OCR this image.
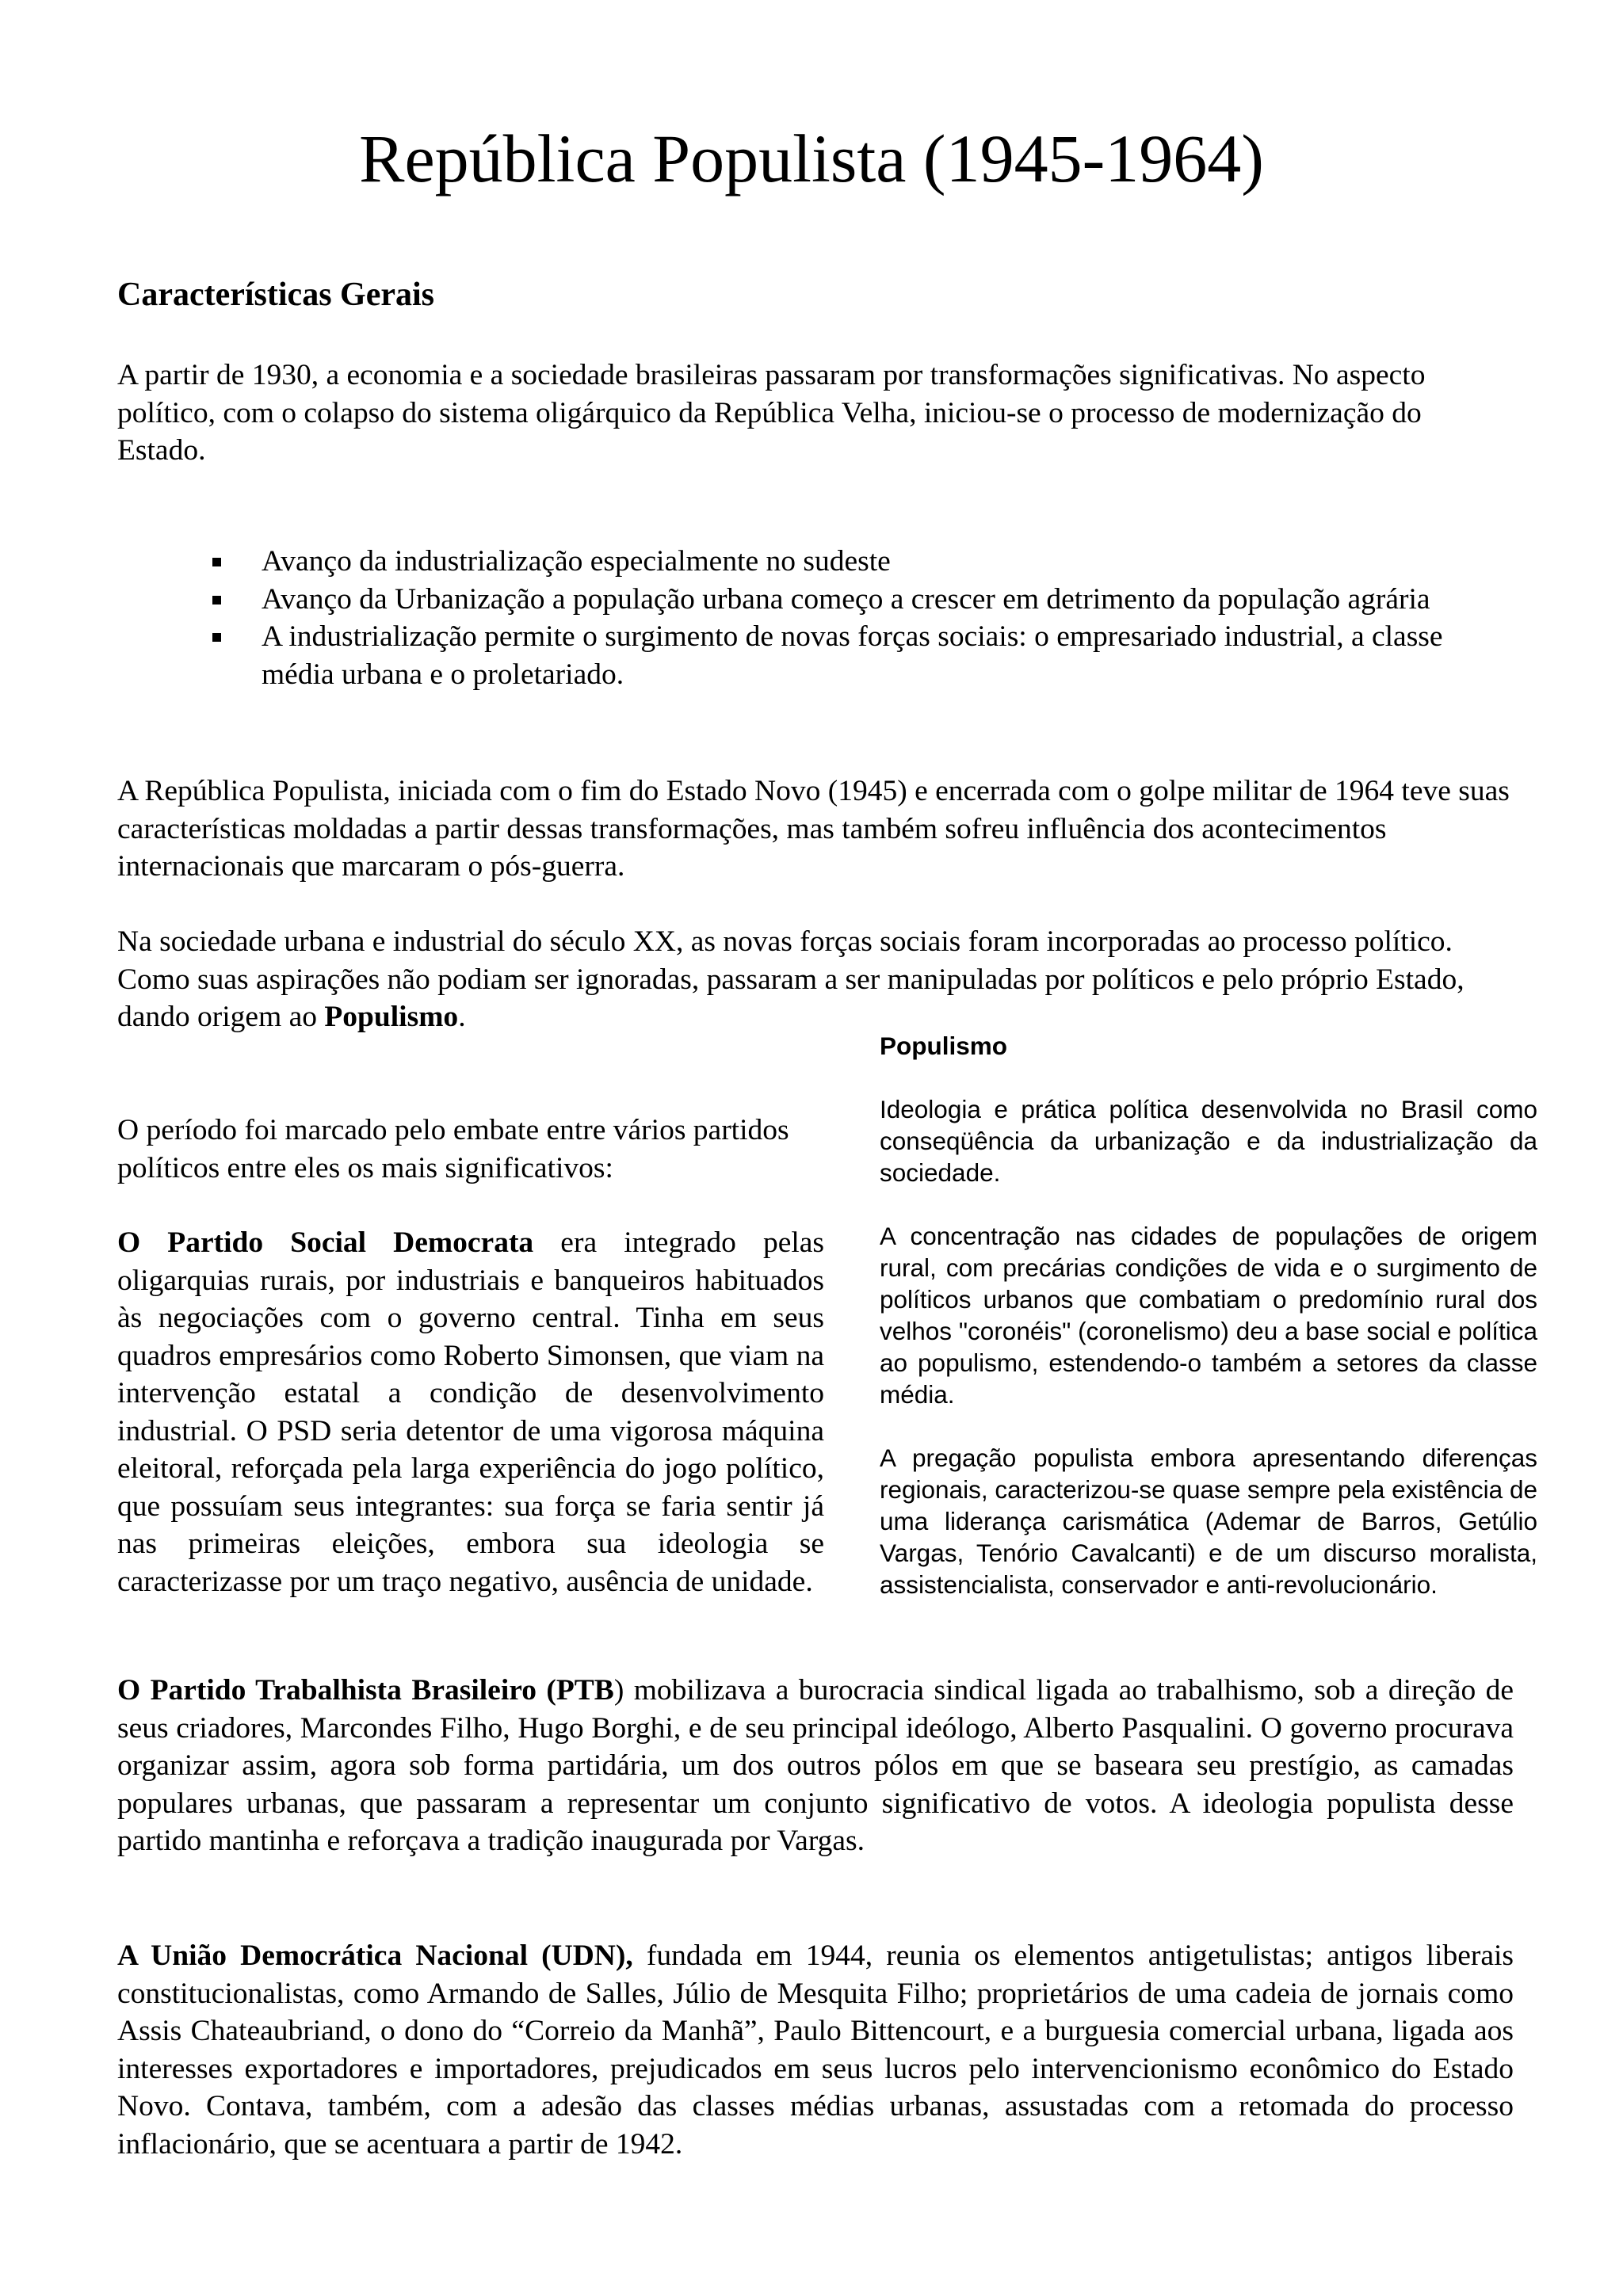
República Populista (1945-1964)
Características Gerais

A partir de 1930, a economia e a sociedade brasileiras passaram por transformações significativas. No aspecto político, com o colapso do sistema oligárquico da República Velha, iniciou-se o processo de modernização do Estado.

Avanço da industrialização especialmente no sudeste
Avanço da Urbanização a população urbana começo a crescer em detrimento da população agrária
A industrialização permite o surgimento de novas forças sociais: o empresariado industrial, a classe média urbana e o proletariado.

A República Populista, iniciada com o fim do Estado Novo (1945) e encerrada com o golpe militar de 1964 teve suas características moldadas a partir dessas transformações, mas também sofreu influência dos acontecimentos internacionais que marcaram o pós-guerra.

Na sociedade urbana e industrial do século XX, as novas forças sociais foram incorporadas ao processo político. Como suas aspirações não podiam ser ignoradas, passaram a ser manipuladas por políticos e pelo próprio Estado, dando origem ao Populismo.

O período foi marcado pelo embate entre vários partidos políticos entre eles os mais significativos:

O Partido Social Democrata era integrado pelas oligarquias rurais, por industriais e banqueiros habituados às negociações com o governo central. Tinha em seus quadros empresários como Roberto Simonsen, que viam na intervenção estatal a condição de desenvolvimento industrial. O PSD seria detentor de uma vigorosa máquina eleitoral, reforçada pela larga experiência do jogo político, que possuíam seus integrantes: sua força se faria sentir já nas primeiras eleições, embora sua ideologia se caracterizasse por um traço negativo, ausência de unidade.

Populismo

Ideologia e prática política desenvolvida no Brasil como conseqüência da urbanização e da industrialização da sociedade.

A concentração nas cidades de populações de origem rural, com precárias condições de vida e o surgimento de políticos urbanos que combatiam o predomínio rural dos velhos "coronéis" (coronelismo) deu a base social e política ao populismo, estendendo-o também a setores da classe média.

A pregação populista embora apresentando diferenças regionais, caracterizou-se quase sempre pela existência de uma liderança carismática (Ademar de Barros, Getúlio Vargas, Tenório Cavalcanti) e de um discurso moralista, assistencialista, conservador e anti-revolucionário.

O Partido Trabalhista Brasileiro (PTB) mobilizava a burocracia sindical ligada ao trabalhismo, sob a direção de seus criadores, Marcondes Filho, Hugo Borghi, e de seu principal ideólogo, Alberto Pasqualini. O governo procurava organizar assim, agora sob forma partidária, um dos outros pólos em que se baseara seu prestígio, as camadas populares urbanas, que passaram a representar um conjunto significativo de votos. A ideologia populista desse partido mantinha e reforçava a tradição inaugurada por Vargas.

A União Democrática Nacional (UDN), fundada em 1944, reunia os elementos antigetulistas; antigos liberais constitucionalistas, como Armando de Salles, Júlio de Mesquita Filho; proprietários de uma cadeia de jornais como Assis Chateaubriand, o dono do “Correio da Manhã”, Paulo Bittencourt, e a burguesia comercial urbana, ligada aos interesses exportadores e importadores, prejudicados em seus lucros pelo intervencionismo econômico do Estado Novo. Contava, também, com a adesão das classes médias urbanas, assustadas com a retomada do processo inflacionário, que se acentuara a partir de 1942.
